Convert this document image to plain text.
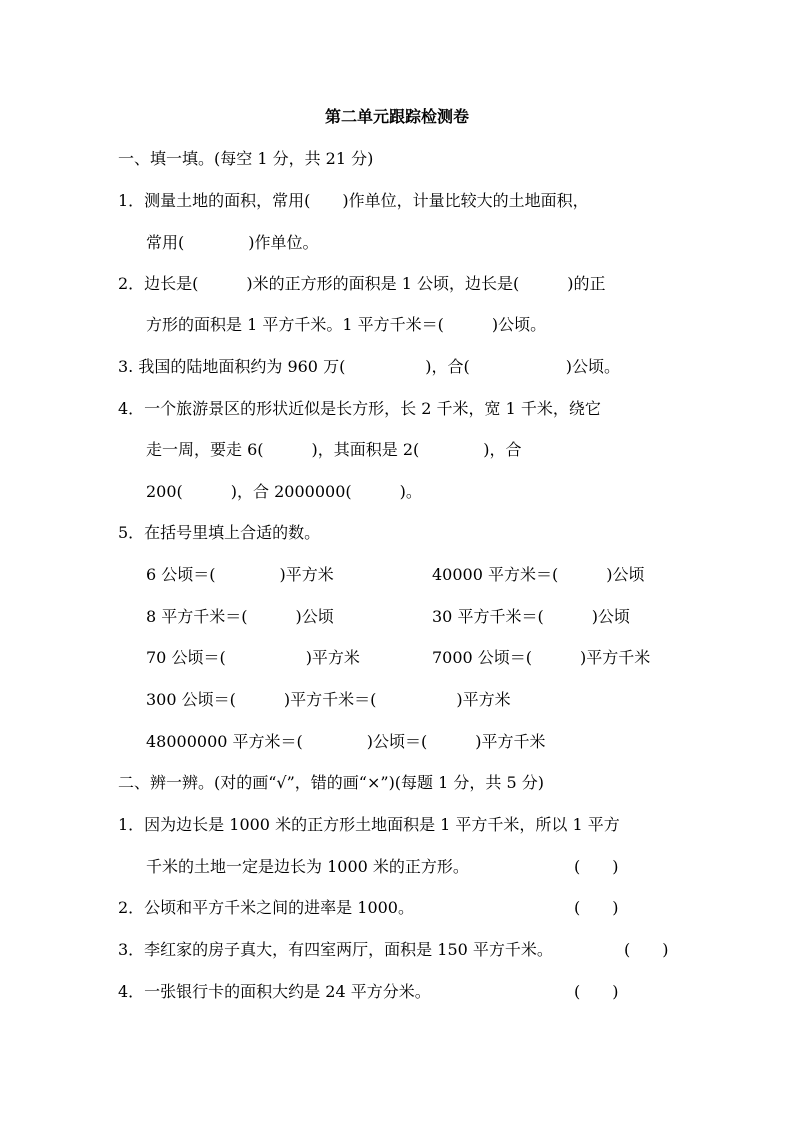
第二单元跟踪检测卷
一、填一填。(每空 1 分，共 21 分)
1．测量土地的面积，常用(　　)作单位，计量比较大的土地面积，
常用(　　　　)作单位。
2．边长是(　　　)米的正方形的面积是 1 公顷，边长是(　　　)的正
方形的面积是 1 平方千米。1 平方千米＝(　　　)公顷。
3. 我国的陆地面积约为 960 万(　　　　　)，合(　　　　　　)公顷。
4．一个旅游景区的形状近似是长方形，长 2 千米，宽 1 千米，绕它
走一周，要走 6(　　　)，其面积是 2(　　　　)，合
200(　　　)，合 2000000(　　　)。
5．在括号里填上合适的数。
6 公顷＝(　　　　)平方米	40000 平方米＝(　　　)公顷
8 平方千米＝(　　　)公顷	30 平方千米＝(　　　)公顷
70 公顷＝(　　　　　)平方米	7000 公顷＝(　　　)平方千米
300 公顷＝(　　　)平方千米＝(　　　　　)平方米
48000000 平方米＝(　　　　)公顷＝(　　　)平方千米
二、辨一辨。(对的画“√”，错的画“×”)(每题 1 分，共 5 分)
1．因为边长是 1000 米的正方形土地面积是 1 平方千米，所以 1 平方
千米的土地一定是边长为 1000 米的正方形。	(　　)
2．公顷和平方千米之间的进率是 1000。	(　　)
3．李红家的房子真大，有四室两厅，面积是 150 平方千米。	(　　)
4．一张银行卡的面积大约是 24 平方分米。	(　　)
